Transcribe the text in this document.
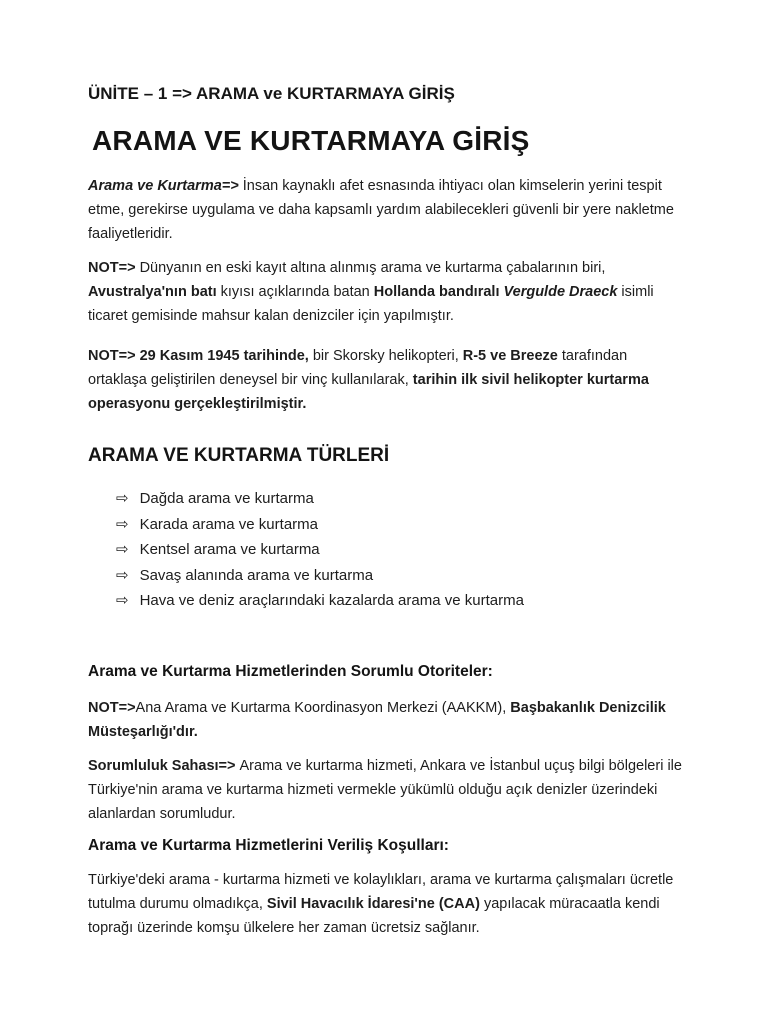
ÜNİTE – 1 => ARAMA ve KURTARMAYA GİRİŞ
ARAMA VE KURTARMAYA GİRİŞ

Arama ve Kurtarma=> İnsan kaynaklı afet esnasında ihtiyacı olan kimselerin yerini tespit etme, gerekirse uygulama ve daha kapsamlı yardım alabilecekleri güvenli bir yere nakletme faaliyetleridir.

NOT=> Dünyanın en eski kayıt altına alınmış arama ve kurtarma çabalarının biri, Avustralya'nın batı kıyısı açıklarında batan Hollanda bandıralı Vergulde Draeck isimli ticaret gemisinde mahsur kalan denizciler için yapılmıştır.

NOT=> 29 Kasım 1945 tarihinde, bir Skorsky helikopteri, R-5 ve Breeze tarafından ortaklaşa geliştirilen deneysel bir vinç kullanılarak, tarihin ilk sivil helikopter kurtarma operasyonu gerçekleştirilmiştir.

ARAMA VE KURTARMA TÜRLERİ
⇨ Dağda arama ve kurtarma
⇨ Karada arama ve kurtarma
⇨ Kentsel arama ve kurtarma
⇨ Savaş alanında arama ve kurtarma
⇨ Hava ve deniz araçlarındaki kazalarda arama ve kurtarma
Arama ve Kurtarma Hizmetlerinden Sorumlu Otoriteler:

NOT=>Ana Arama ve Kurtarma Koordinasyon Merkezi (AAKKM), Başbakanlık Denizcilik Müsteşarlığı'dır.

Sorumluluk Sahası=> Arama ve kurtarma hizmeti, Ankara ve İstanbul uçuş bilgi bölgeleri ile Türkiye'nin arama ve kurtarma hizmeti vermekle yükümlü olduğu açık denizler üzerindeki alanlardan sorumludur.

Arama ve Kurtarma Hizmetlerini Veriliş Koşulları:

Türkiye'deki arama - kurtarma hizmeti ve kolaylıkları, arama ve kurtarma çalışmaları ücretle tutulma durumu olmadıkça, Sivil Havacılık İdaresi'ne (CAA) yapılacak müracaatla kendi toprağı üzerinde komşu ülkelere her zaman ücretsiz sağlanır.
